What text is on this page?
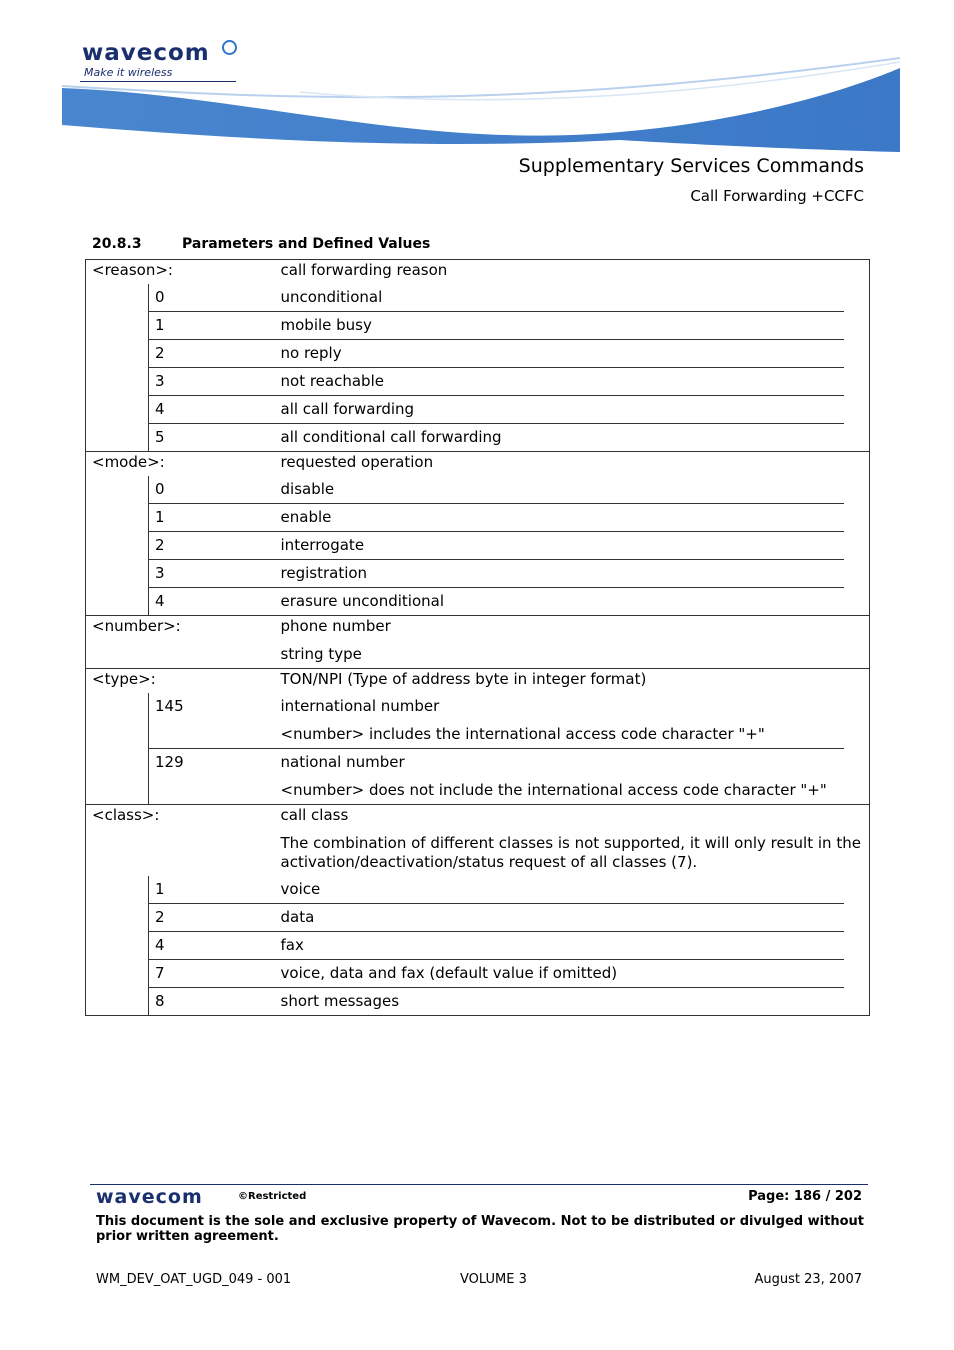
wavecom
Make it wireless
Supplementary Services Commands
Call Forwarding +CCFC
20.8.3	Parameters and Defined Values
<reason>:		call forwarding reason	

	0	unconditional	

	1	mobile busy	

	2	no reply	

	3	not reachable	

	4	all call forwarding	

	5	all conditional call forwarding	

<mode>:		requested operation	

	0	disable	

	1	enable	

	2	interrogate	

	3	registration	

	4	erasure unconditional	

<number>:		phone number
string type	

<type>:		TON/NPI (Type of address byte in integer format)	

	145	international number
<number> includes the international access code character "+"	

	129	national number
<number> does not include the international access code character "+"	

<class>:		call class
The combination of different classes is not supported, it will only result in the activation/deactivation/status request of all classes (7).	

	1	voice	

	2	data	

	4	fax	

	7	voice, data and fax (default value if omitted)	

	8	short messages	

wavecom	©Restricted	Page: 186 / 202
This document is the sole and exclusive property of Wavecom. Not to be distributed or divulged without prior written agreement.
WM_DEV_OAT_UGD_049 - 001	VOLUME 3	August 23, 2007
